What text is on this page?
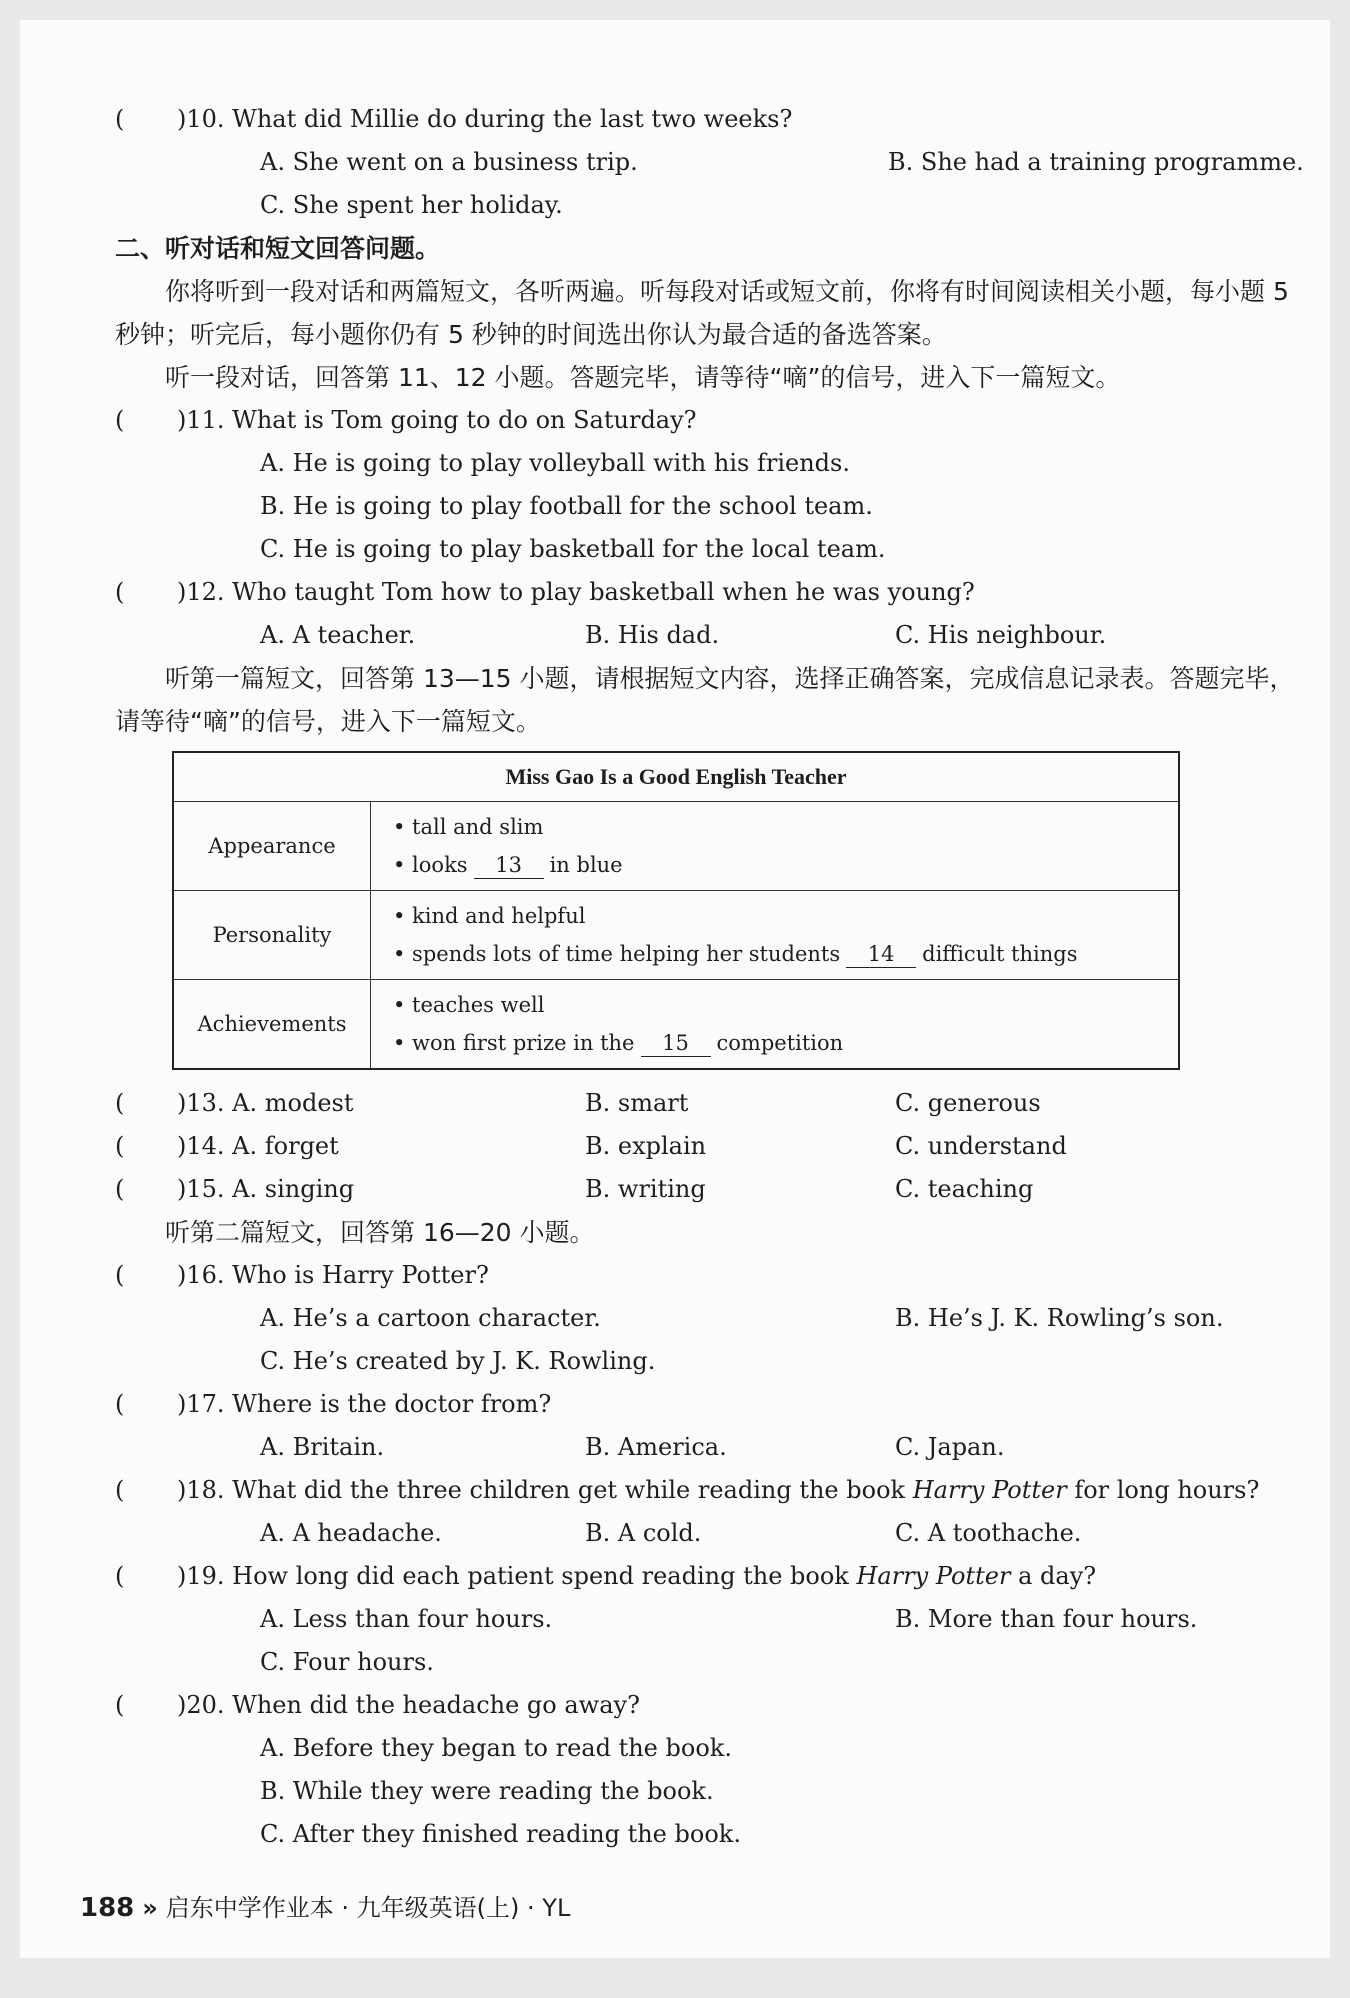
( )10. What did Millie do during the last two weeks?
A. She went on a business trip.	B. She had a training programme.
C. She spent her holiday.
二、听对话和短文回答问题。

你将听到一段对话和两篇短文，各听两遍。听每段对话或短文前，你将有时间阅读相关小题，每小题 5 秒钟；听完后，每小题你仍有 5 秒钟的时间选出你认为最合适的备选答案。

听一段对话，回答第 11、12 小题。答题完毕，请等待“嘀”的信号，进入下一篇短文。
( )11. What is Tom going to do on Saturday?
A. He is going to play volleyball with his friends.
B. He is going to play football for the school team.
C. He is going to play basketball for the local team.
( )12. Who taught Tom how to play basketball when he was young?
A. A teacher.	B. His dad.	C. His neighbour.

听第一篇短文，回答第 13—15 小题，请根据短文内容，选择正确答案，完成信息记录表。答题完毕，请等待“嘀”的信号，进入下一篇短文。

Miss Gao Is a Good English Teacher	
Appearance	• tall and slim
• looks 13 in blue

Personality	• kind and helpful
• spends lots of time helping her students 14 difficult things

Achievements	• teaches well
• won first prize in the 15 competition
( )13. A. modest	B. smart	C. generous
( )14. A. forget	B. explain	C. understand
( )15. A. singing	B. writing	C. teaching
听第二篇短文，回答第 16—20 小题。
( )16. Who is Harry Potter?
A. He’s a cartoon character.	B. He’s J. K. Rowling’s son.
C. He’s created by J. K. Rowling.
( )17. Where is the doctor from?
A. Britain.	B. America.	C. Japan.
( )18. What did the three children get while reading the book Harry Potter for long hours?
A. A headache.	B. A cold.	C. A toothache.
( )19. How long did each patient spend reading the book Harry Potter a day?
A. Less than four hours.	B. More than four hours.
C. Four hours.
( )20. When did the headache go away?
A. Before they began to read the book.
B. While they were reading the book.
C. After they finished reading the book.
188 » 启东中学作业本 · 九年级英语(上) · YL
